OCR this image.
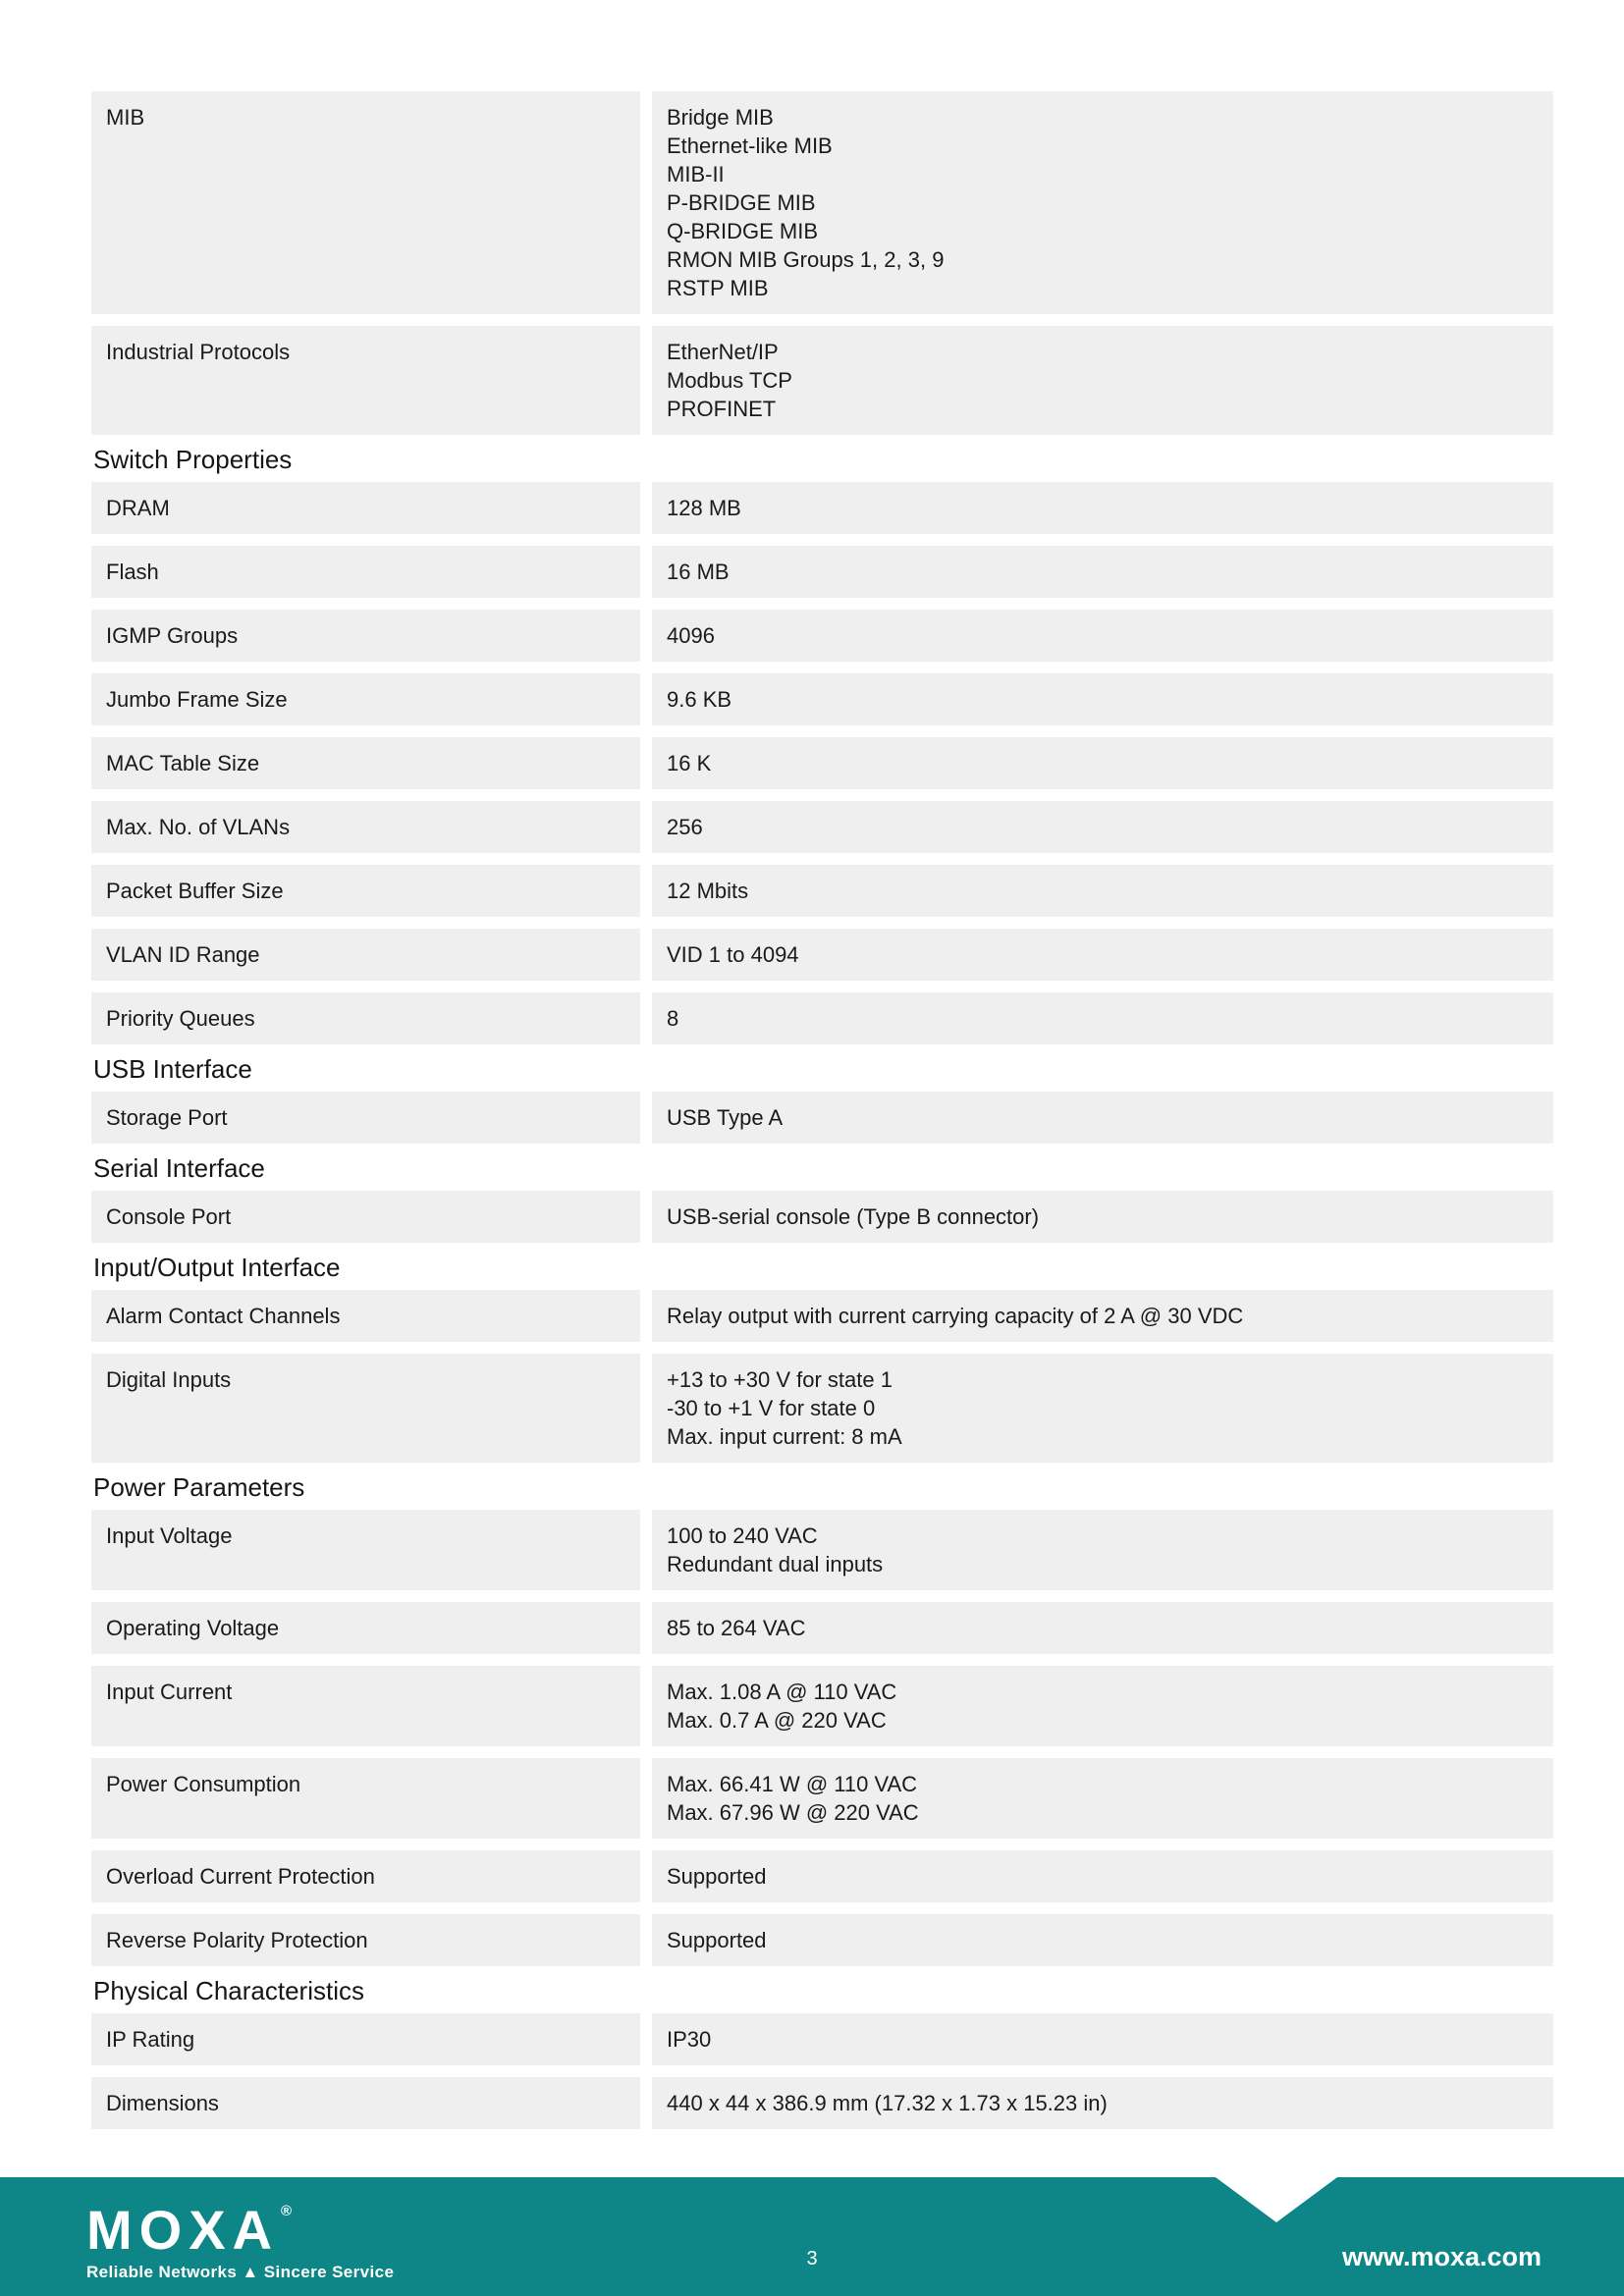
MIB	Bridge MIB
Ethernet-like MIB
MIB-II
P-BRIDGE MIB
Q-BRIDGE MIB
RMON MIB Groups 1, 2, 3, 9
RSTP MIB
Industrial Protocols	EtherNet/IP
Modbus TCP
PROFINET
Switch Properties
DRAM	128 MB
Flash	16 MB
IGMP Groups	4096
Jumbo Frame Size	9.6 KB
MAC Table Size	16 K
Max. No. of VLANs	256
Packet Buffer Size	12 Mbits
VLAN ID Range	VID 1 to 4094
Priority Queues	8
USB Interface
Storage Port	USB Type A
Serial Interface
Console Port	USB-serial console (Type B connector)
Input/Output Interface
Alarm Contact Channels	Relay output with current carrying capacity of 2 A @ 30 VDC
Digital Inputs	+13 to +30 V for state 1
-30 to +1 V for state 0
Max. input current: 8 mA
Power Parameters
Input Voltage	100 to 240 VAC
Redundant dual inputs
Operating Voltage	85 to 264 VAC
Input Current	Max. 1.08 A @ 110 VAC
Max. 0.7 A @ 220 VAC
Power Consumption	Max. 66.41 W @ 110 VAC
Max. 67.96 W @ 220 VAC
Overload Current Protection	Supported
Reverse Polarity Protection	Supported
Physical Characteristics
IP Rating	IP30
Dimensions	440 x 44 x 386.9 mm (17.32 x 1.73 x 15.23 in)
MOXA ®
Reliable Networks ▲ Sincere Service
3	www.moxa.com
